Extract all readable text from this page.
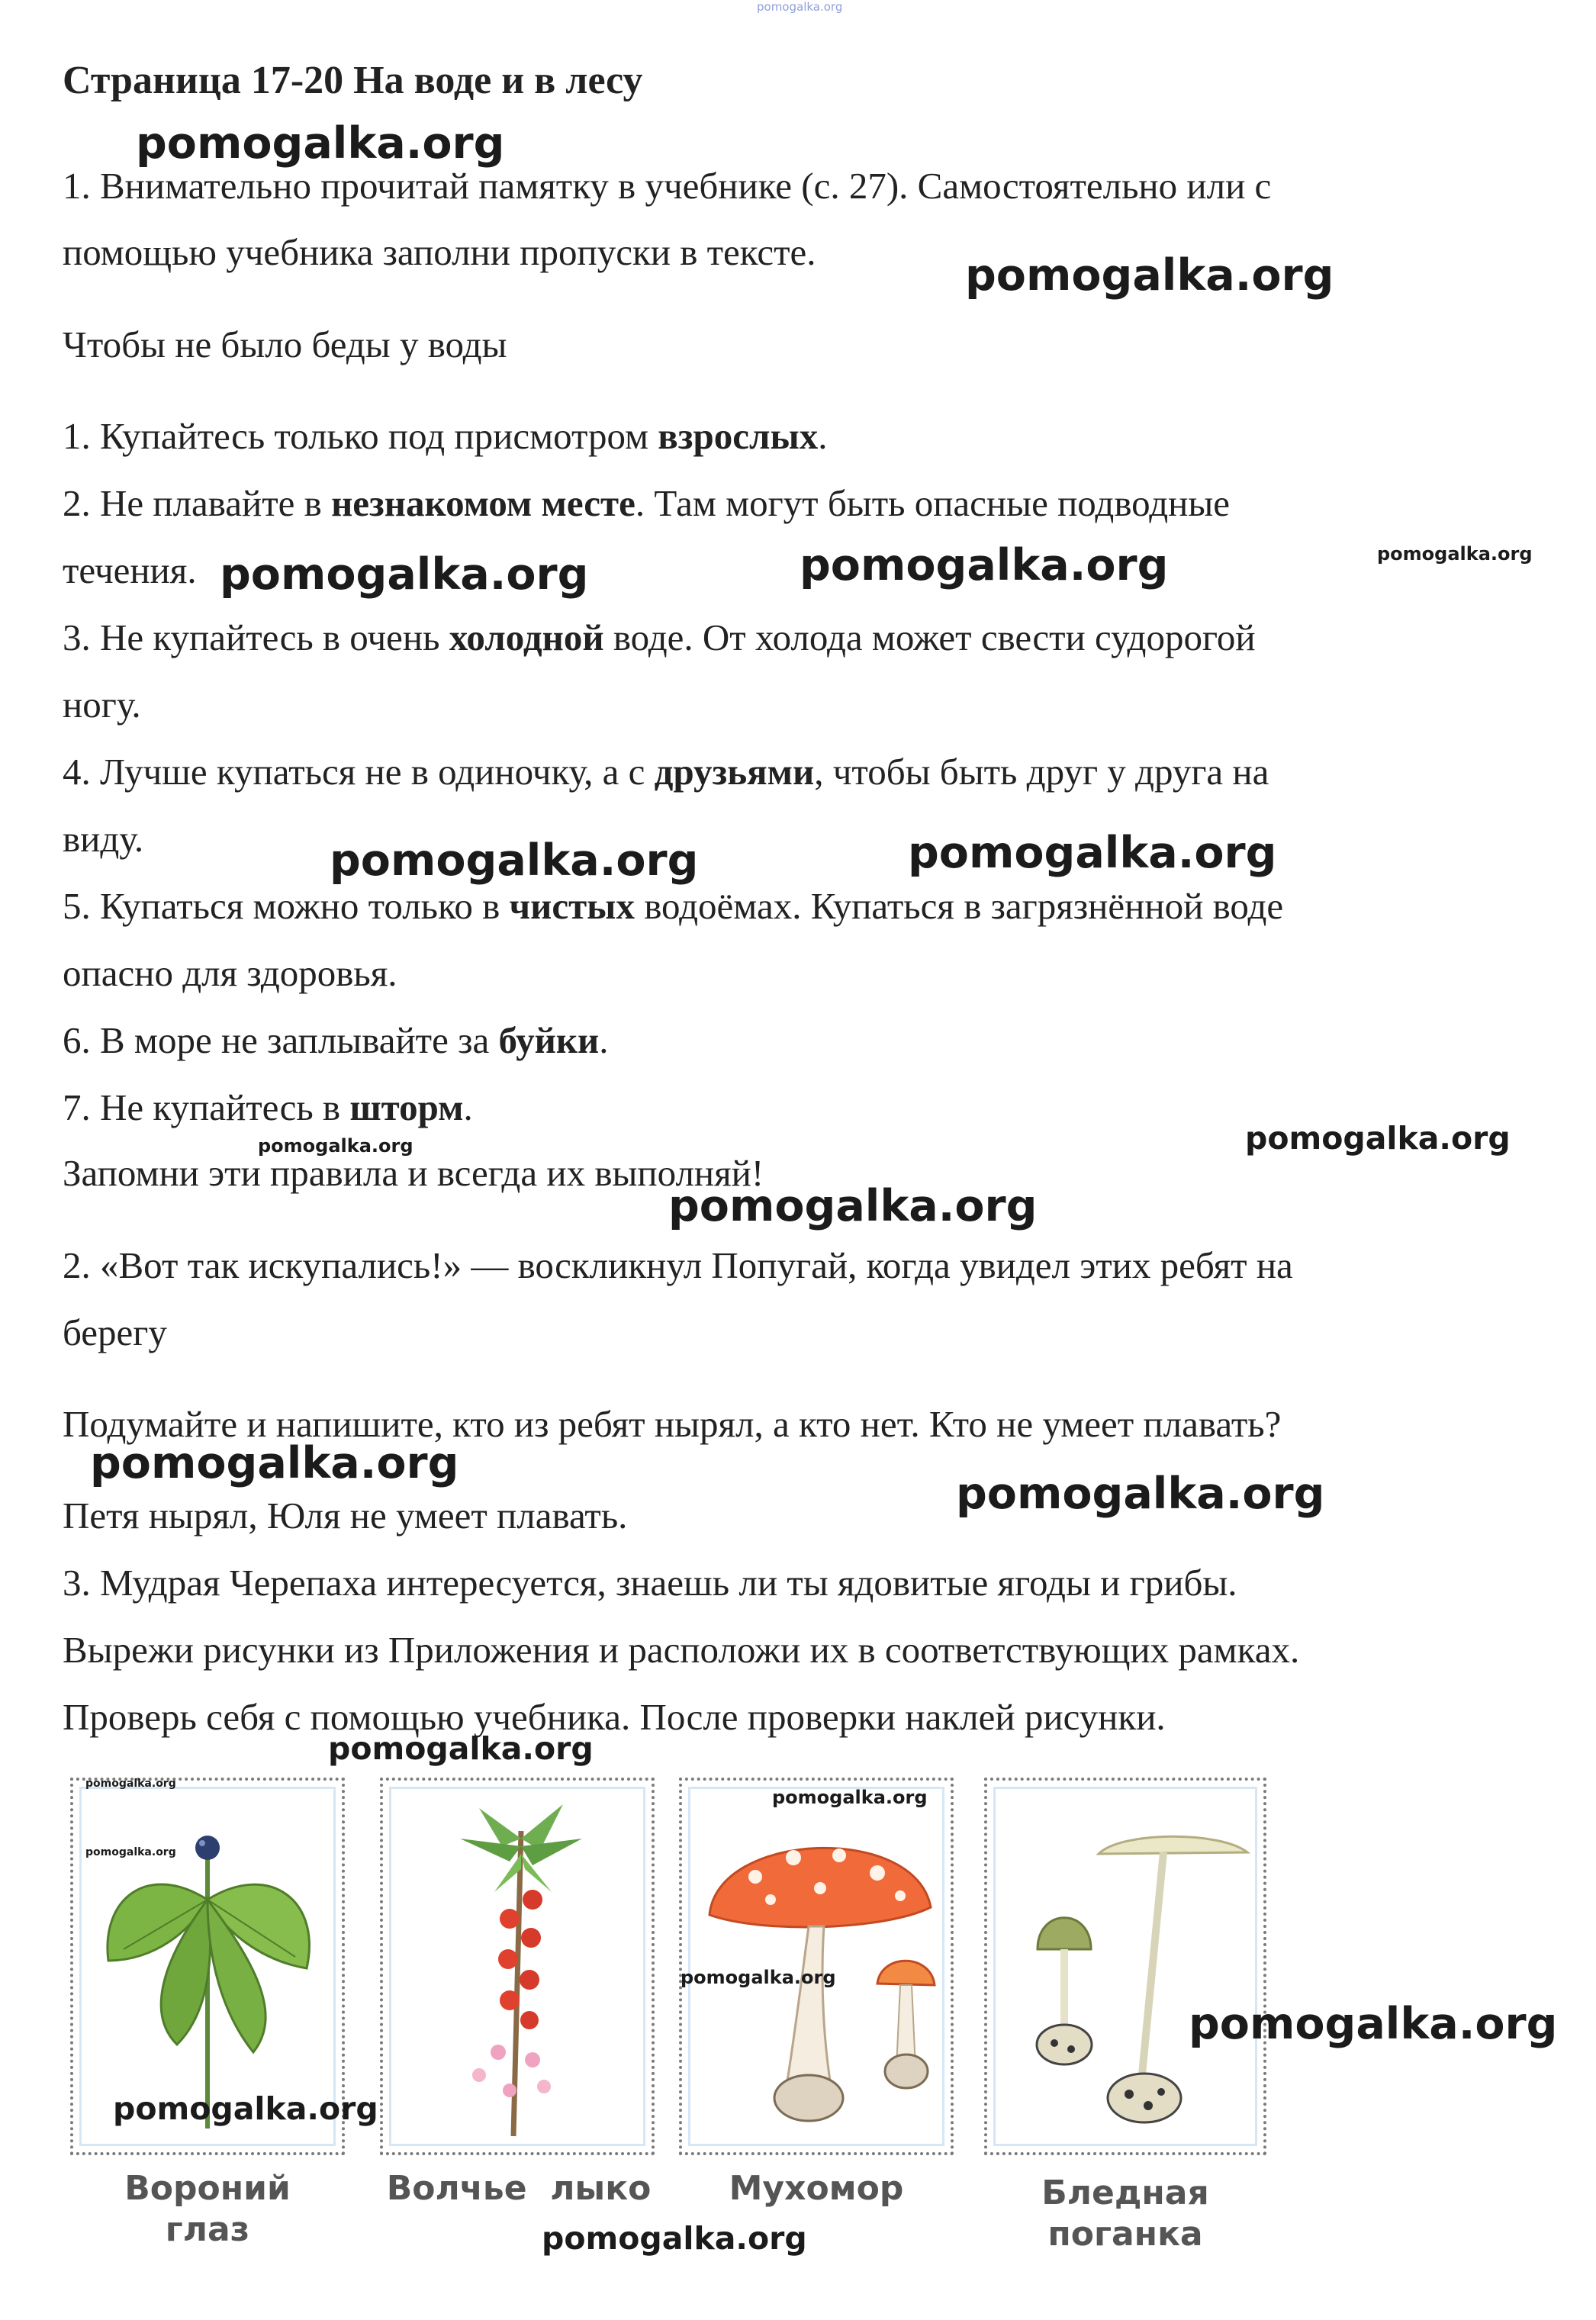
pomogalka.org
Страница 17-20 На воде и в лесу
1. Внимательно прочитай памятку в учебнике (с. 27). Самостоятельно или с
помощью учебника заполни пропуски в тексте.
Чтобы не было беды у воды
1. Купайтесь только под присмотром взрослых.
2. Не плавайте в незнакомом месте. Там могут быть опасные подводные
течения.
3. Не купайтесь в очень холодной воде. От холода может свести судорогой
ногу.
4. Лучше купаться не в одиночку, а с друзьями, чтобы быть друг у друга на
виду.
5. Купаться можно только в чистых водоёмах. Купаться в загрязнённой воде
опасно для здоровья.
6. В море не заплывайте за буйки.
7. Не купайтесь в шторм.
Запомни эти правила и всегда их выполняй!
2. «Вот так искупались!» — воскликнул Попугай, когда увидел этих ребят на
берегу
Подумайте и напишите, кто из ребят нырял, а кто нет. Кто не умеет плавать?
Петя нырял, Юля не умеет плавать.
3. Мудрая Черепаха интересуется, знаешь ли ты ядовитые ягоды и грибы.
Вырежи рисунки из Приложения и расположи их в соответствующих рамках.
Проверь себя с помощью учебника. После проверки наклей рисунки.
Вороний
глаз
Волчье  лыко	Мухомор	Бледная
поганка
pomogalka.org
pomogalka.org
pomogalka.org	pomogalka.org	pomogalka.org
pomogalka.org	pomogalka.org
pomogalka.org	pomogalka.org
pomogalka.org
pomogalka.org
pomogalka.org
pomogalka.org
pomogalka.org
pomogalka.org
pomogalka.org
pomogalka.org
pomogalka.org
pomogalka.org
pomogalka.org
